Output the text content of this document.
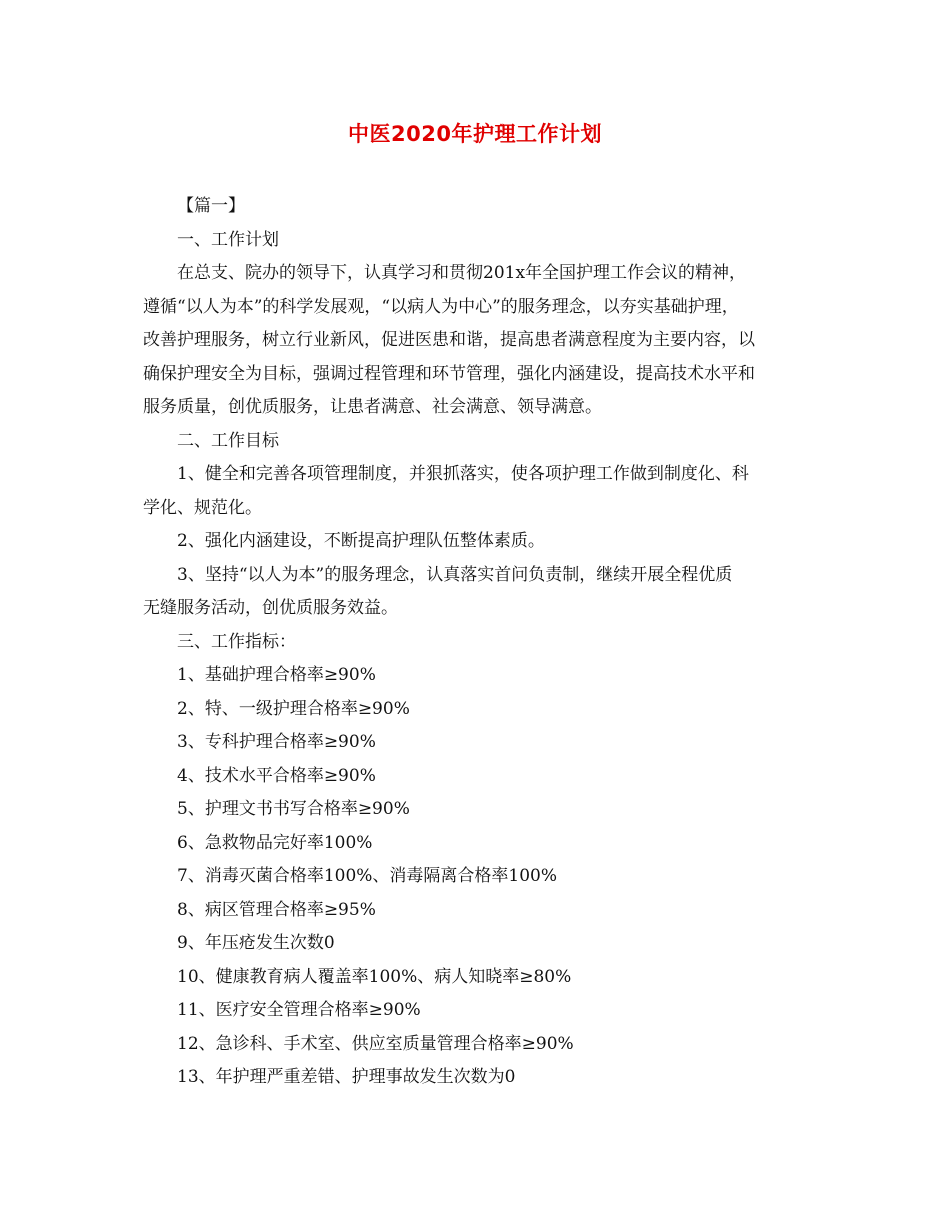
中医2020年护理工作计划
【篇一】
一、工作计划
在总支、院办的领导下，认真学习和贯彻201x年全国护理工作会议的精神，
遵循“以人为本”的科学发展观，“以病人为中心”的服务理念，以夯实基础护理，
改善护理服务，树立行业新风，促进医患和谐，提高患者满意程度为主要内容，以
确保护理安全为目标，强调过程管理和环节管理，强化内涵建设，提高技术水平和
服务质量，创优质服务，让患者满意、社会满意、领导满意。
二、工作目标
1、健全和完善各项管理制度，并狠抓落实，使各项护理工作做到制度化、科
学化、规范化。
2、强化内涵建设，不断提高护理队伍整体素质。
3、坚持“以人为本”的服务理念，认真落实首问负责制，继续开展全程优质
无缝服务活动，创优质服务效益。
三、工作指标：
1、基础护理合格率≥90%
2、特、一级护理合格率≥90%
3、专科护理合格率≥90%
4、技术水平合格率≥90%
5、护理文书书写合格率≥90%
6、急救物品完好率100%
7、消毒灭菌合格率100%、消毒隔离合格率100%
8、病区管理合格率≥95%
9、年压疮发生次数0
10、健康教育病人覆盖率100%、病人知晓率≥80%
11、医疗安全管理合格率≥90%
12、急诊科、手术室、供应室质量管理合格率≥90%
13、年护理严重差错、护理事故发生次数为0
